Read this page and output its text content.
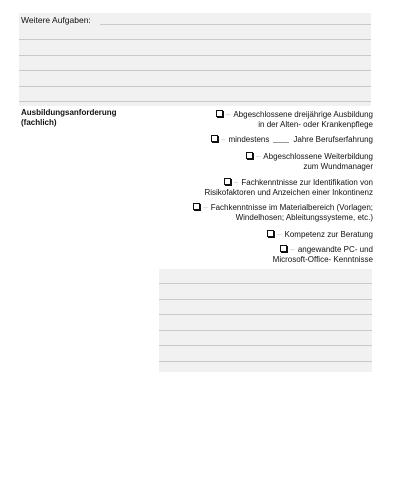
Weitere Aufgaben:
Ausbildungsanforderung
(fachlich)
– Abgeschlossene dreijährige Ausbildung
in der Alten- oder Krankenpflege
– mindestens	Jahre Berufserfahrung
– Abgeschlossene Weiterbildung
zum Wundmanager
– Fachkenntnisse zur Identifikation von
Risikofaktoren und Anzeichen einer Inkontinenz
– Fachkenntnisse im Materialbereich (Vorlagen;
Windelhosen; Ableitungssysteme, etc.)
– Kompetenz zur Beratung
– angewandte PC- und
Microsoft-Office- Kenntnisse
